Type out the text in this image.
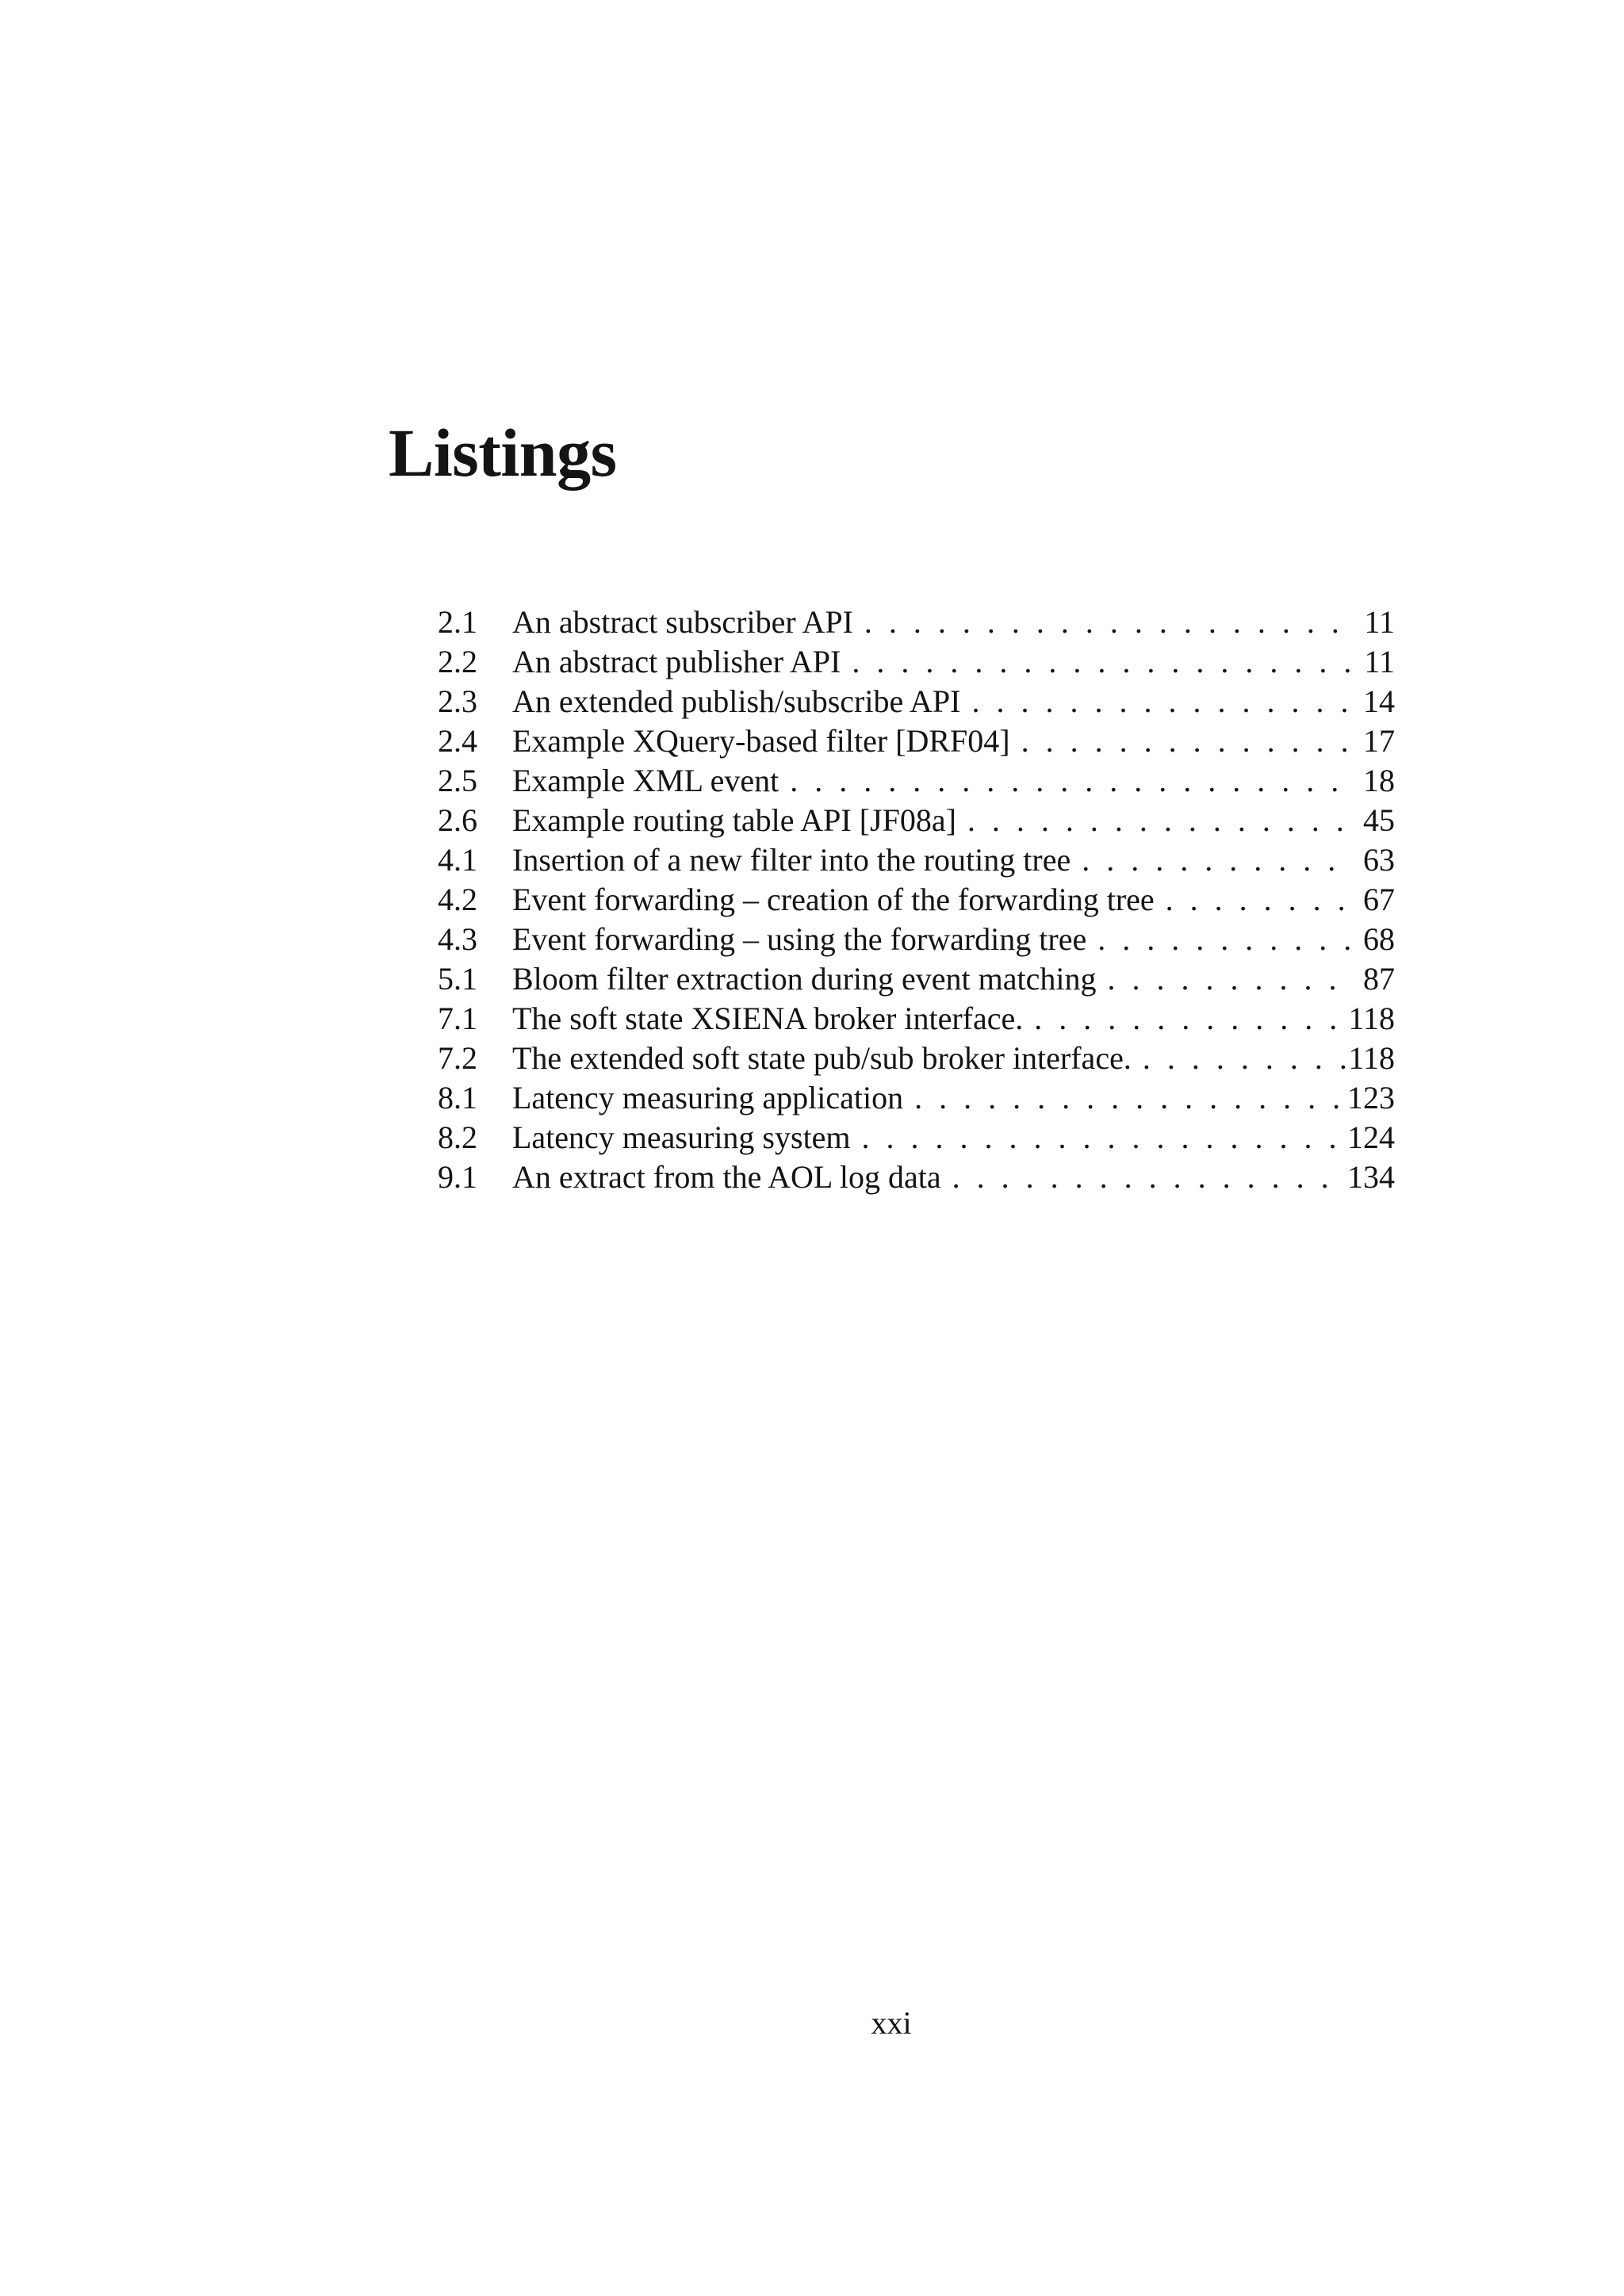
Listings
2.1	An abstract subscriber API . . .	11
2.2	An abstract publisher API . . .	11
2.3	An extended publish/subscribe API . . .	14
2.4	Example XQuery-based filter [DRF04] . . .	17
2.5	Example XML event . . .	18
2.6	Example routing table API [JF08a] . . .	45
4.1	Insertion of a new filter into the routing tree . . .	63
4.2	Event forwarding – creation of the forwarding tree . . .	67
4.3	Event forwarding – using the forwarding tree . . .	68
5.1	Bloom filter extraction during event matching . . .	87
7.1	The soft state XSIENA broker interface. . . .	118
7.2	The extended soft state pub/sub broker interface. . . .	118
8.1	Latency measuring application . . .	123
8.2	Latency measuring system . . .	124
9.1	An extract from the AOL log data . . .	134
xxi
